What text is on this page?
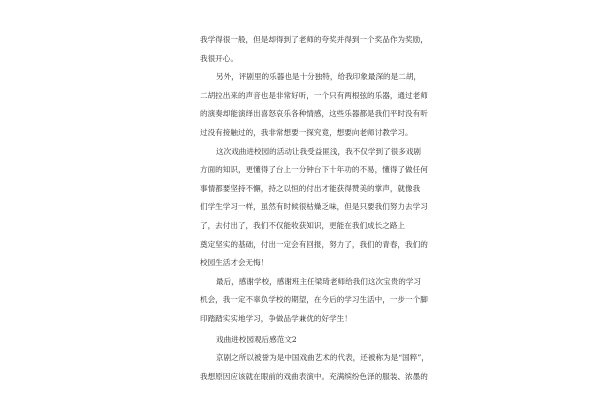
我学得很一般，但是却得到了老师的夸奖并得到一个奖品作为奖励，
我很开心。
另外，评剧里的乐器也是十分独特，给我印象最深的是二胡，
二胡拉出来的声音也是非常好听，一个只有两根弦的乐器，通过老师
的演奏却能演绎出喜怒哀乐各种情感，这些乐器都是我们平时没有听
过没有接触过的，我非常想要一探究竟，想要向老师讨教学习。
这次戏曲进校园的活动让我受益匪浅，我不仅学到了很多戏剧
方面的知识，更懂得了台上一分钟台下十年功的不易，懂得了做任何
事情都要坚持不懈，持之以恒的付出才能获得赞美的掌声，就像我
们学生学习一样，虽然有时候很枯燥乏味，但是只要我们努力去学习
了，去付出了，我们不仅能收获知识，更能在我们成长之路上
奠定坚实的基础，付出一定会有回报，努力了，我们的青春，我们的
校园生活才会无悔！
最后，感谢学校，感谢班主任梁琦老师给我们这次宝贵的学习
机会，我一定不辜负学校的期望，在今后的学习生活中，一步一个脚
印踏踏实实地学习，争做品学兼优的好学生！
戏曲进校园观后感范文2
京剧之所以被誉为是中国戏曲艺术的代表，还被称为是“国粹”，
我想原因应该就在眼前的戏曲表演中。充满缤纷色泽的服装、浓墨的
